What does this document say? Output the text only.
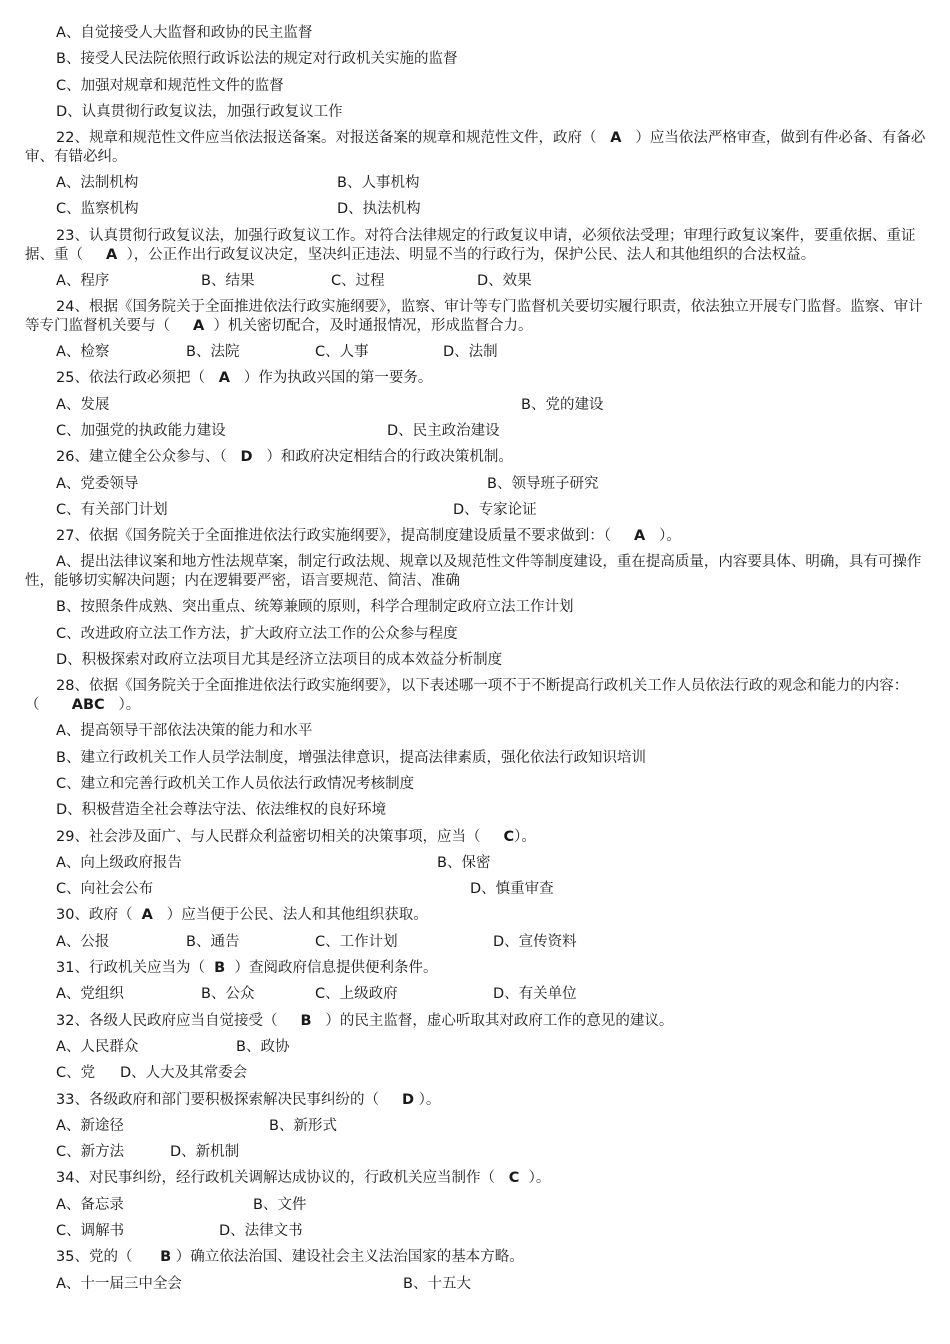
A、自觉接受人大监督和政协的民主监督
B、接受人民法院依照行政诉讼法的规定对行政机关实施的监督
C、加强对规章和规范性文件的监督
D、认真贯彻行政复议法，加强行政复议工作
22、规章和规范性文件应当依法报送备案。对报送备案的规章和规范性文件，政府（ A ）应当依法严格审查，做到有件必备、有备必审、有错必纠。
A、法制机构	B、人事机构
C、监察机构	D、执法机构
23、认真贯彻行政复议法，加强行政复议工作。对符合法律规定的行政复议申请，必须依法受理；审理行政复议案件，要重依据、重证据、重（ A ），公正作出行政复议决定，坚决纠正违法、明显不当的行政行为，保护公民、法人和其他组织的合法权益。
A、程序	B、结果	C、过程	D、效果
24、根据《国务院关于全面推进依法行政实施纲要》，监察、审计等专门监督机关要切实履行职责，依法独立开展专门监督。监察、审计等专门监督机关要与（ A ）机关密切配合，及时通报情况，形成监督合力。
A、检察	B、法院	C、人事	D、法制
25、依法行政必须把（ A ）作为执政兴国的第一要务。
A、发展	B、党的建设
C、加强党的执政能力建设	D、民主政治建设
26、建立健全公众参与、（ D ）和政府决定相结合的行政决策机制。
A、党委领导	B、领导班子研究
C、有关部门计划	D、专家论证
27、依据《国务院关于全面推进依法行政实施纲要》，提高制度建设质量不要求做到：（ A ）。
A、提出法律议案和地方性法规草案，制定行政法规、规章以及规范性文件等制度建设，重在提高质量，内容要具体、明确，具有可操作性，能够切实解决问题；内在逻辑要严密，语言要规范、简洁、准确
B、按照条件成熟、突出重点、统筹兼顾的原则，科学合理制定政府立法工作计划
C、改进政府立法工作方法，扩大政府立法工作的公众参与程度
D、积极探索对政府立法项目尤其是经济立法项目的成本效益分析制度
28、依据《国务院关于全面推进依法行政实施纲要》，以下表述哪一项不于不断提高行政机关工作人员依法行政的观念和能力的内容：（ ABC ）。
A、提高领导干部依法决策的能力和水平
B、建立行政机关工作人员学法制度，增强法律意识，提高法律素质，强化依法行政知识培训
C、建立和完善行政机关工作人员依法行政情况考核制度
D、积极营造全社会尊法守法、依法维权的良好环境
29、社会涉及面广、与人民群众利益密切相关的决策事项，应当（ C）。
A、向上级政府报告	B、保密
C、向社会公布	D、慎重审查
30、政府（ A ）应当便于公民、法人和其他组织获取。
A、公报	B、通告	C、工作计划	D、宣传资料
31、行政机关应当为（ B ）查阅政府信息提供便利条件。
A、党组织	B、公众	C、上级政府	D、有关单位
32、各级人民政府应当自觉接受（ B ）的民主监督，虚心听取其对政府工作的意见的建议。
A、人民群众	B、政协
C、党 D、人大及其常委会
33、各级政府和部门要积极探索解决民事纠纷的（ D ）。
A、新途径	B、新形式
C、新方法	D、新机制
34、对民事纠纷，经行政机关调解达成协议的，行政机关应当制作（ C ）。
A、备忘录	B、文件
C、调解书	D、法律文书
35、党的（ B ）确立依法治国、建设社会主义法治国家的基本方略。
A、十一届三中全会	B、十五大
